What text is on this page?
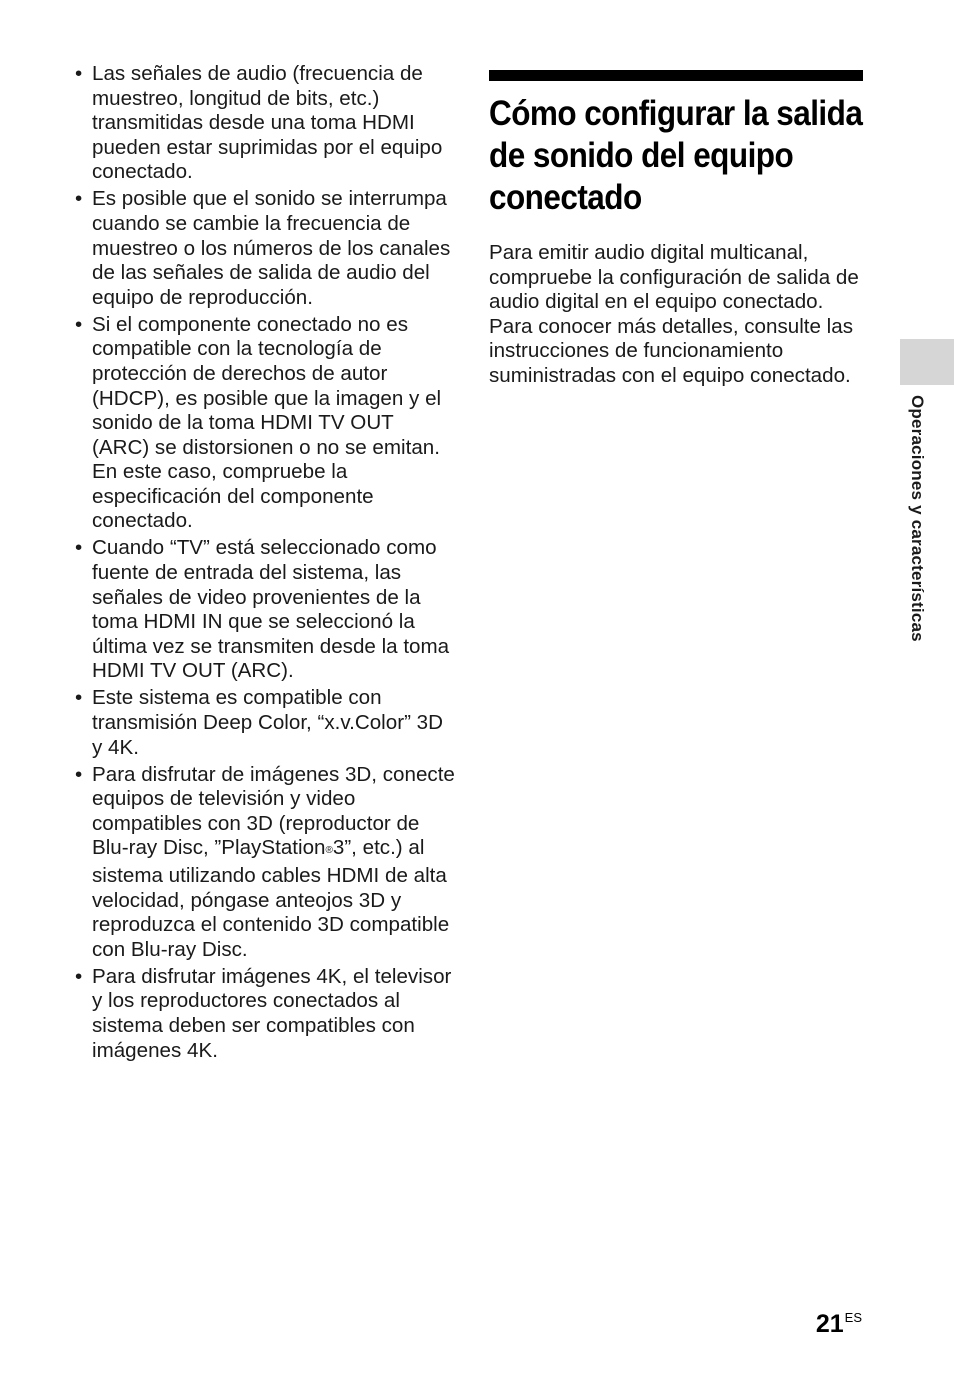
• Las señales de audio (frecuencia de muestreo, longitud de bits, etc.) transmitidas desde una toma HDMI pueden estar suprimidas por el equipo conectado.
• Es posible que el sonido se interrumpa cuando se cambie la frecuencia de muestreo o los números de los canales de las señales de salida de audio del equipo de reproducción.
• Si el componente conectado no es compatible con la tecnología de protección de derechos de autor (HDCP), es posible que la imagen y el sonido de la toma HDMI TV OUT (ARC) se distorsionen o no se emitan. En este caso, compruebe la especificación del componente conectado.
• Cuando “TV” está seleccionado como fuente de entrada del sistema, las señales de video provenientes de la toma HDMI IN que se seleccionó la última vez se transmiten desde la toma HDMI TV OUT (ARC).
• Este sistema es compatible con transmisión Deep Color, “x.v.Color” 3D y 4K.
• Para disfrutar de imágenes 3D, conecte equipos de televisión y video compatibles con 3D (reproductor de Blu-ray Disc, ”PlayStation®3”, etc.) al sistema utilizando cables HDMI de alta velocidad, póngase anteojos 3D y reproduzca el contenido 3D compatible con Blu-ray Disc.
• Para disfrutar imágenes 4K, el televisor y los reproductores conectados al sistema deben ser compatibles con imágenes 4K.
Cómo configurar la salida de sonido del equipo conectado

Para emitir audio digital multicanal, compruebe la configuración de salida de audio digital en el equipo conectado.
Para conocer más detalles, consulte las instrucciones de funcionamiento suministradas con el equipo conectado.

Operaciones y características
$21^{ES}$
